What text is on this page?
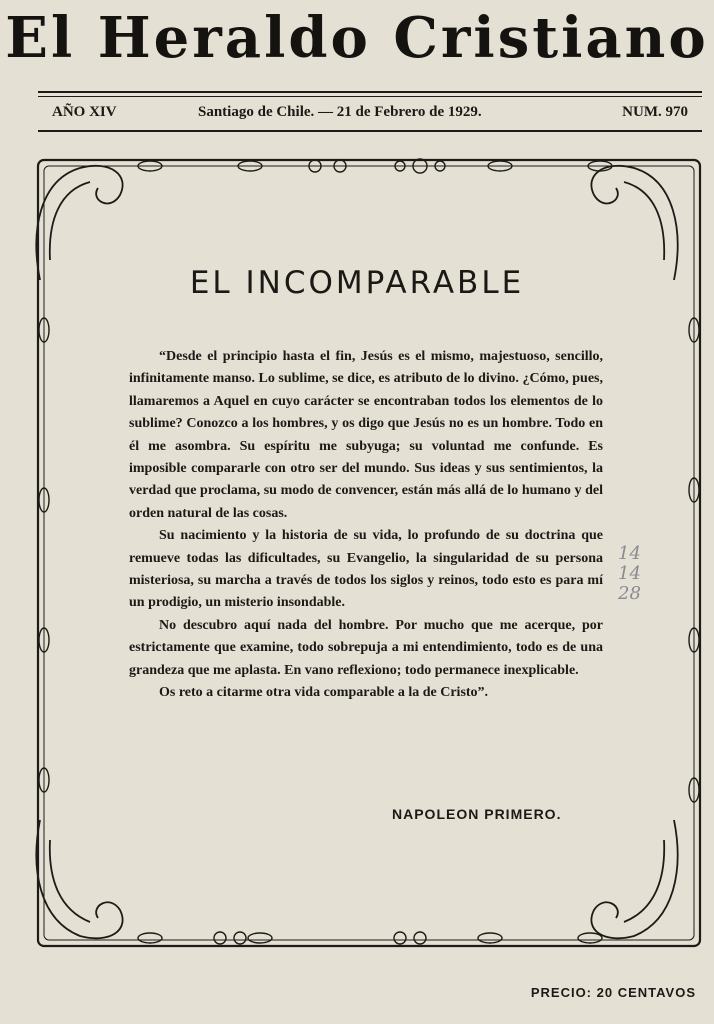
El Heraldo Cristiano
AÑO XIV	Santiago de Chile. — 21 de Febrero de 1929.	NUM. 970
EL INCOMPARABLE

“Desde el principio hasta el fin, Jesús es el mismo, majestuoso, sencillo, infinitamente manso. Lo sublime, se dice, es atributo de lo divino. ¿Cómo, pues, llamaremos a Aquel en cuyo carácter se encontraban todos los elementos de lo sublime? Conozco a los hombres, y os digo que Jesús no es un hombre. Todo en él me asombra. Su espíritu me subyuga; su voluntad me confunde. Es imposible compararle con otro ser del mundo. Sus ideas y sus sentimientos, la verdad que proclama, su modo de convencer, están más allá de lo humano y del orden natural de las cosas.

Su nacimiento y la historia de su vida, lo profundo de su doctrina que remueve todas las dificultades, su Evangelio, la singularidad de su persona misteriosa, su marcha a través de todos los siglos y reinos, todo esto es para mí un prodigio, un misterio insondable.

No descubro aquí nada del hombre. Por mucho que me acerque, por estrictamente que examine, todo sobrepuja a mi entendimiento, todo es de una grandeza que me aplasta. En vano reflexiono; todo permanece inexplicable.

Os reto a citarme otra vida comparable a la de Cristo”.

NAPOLEON PRIMERO.
14
14
28
PRECIO: 20 CENTAVOS
